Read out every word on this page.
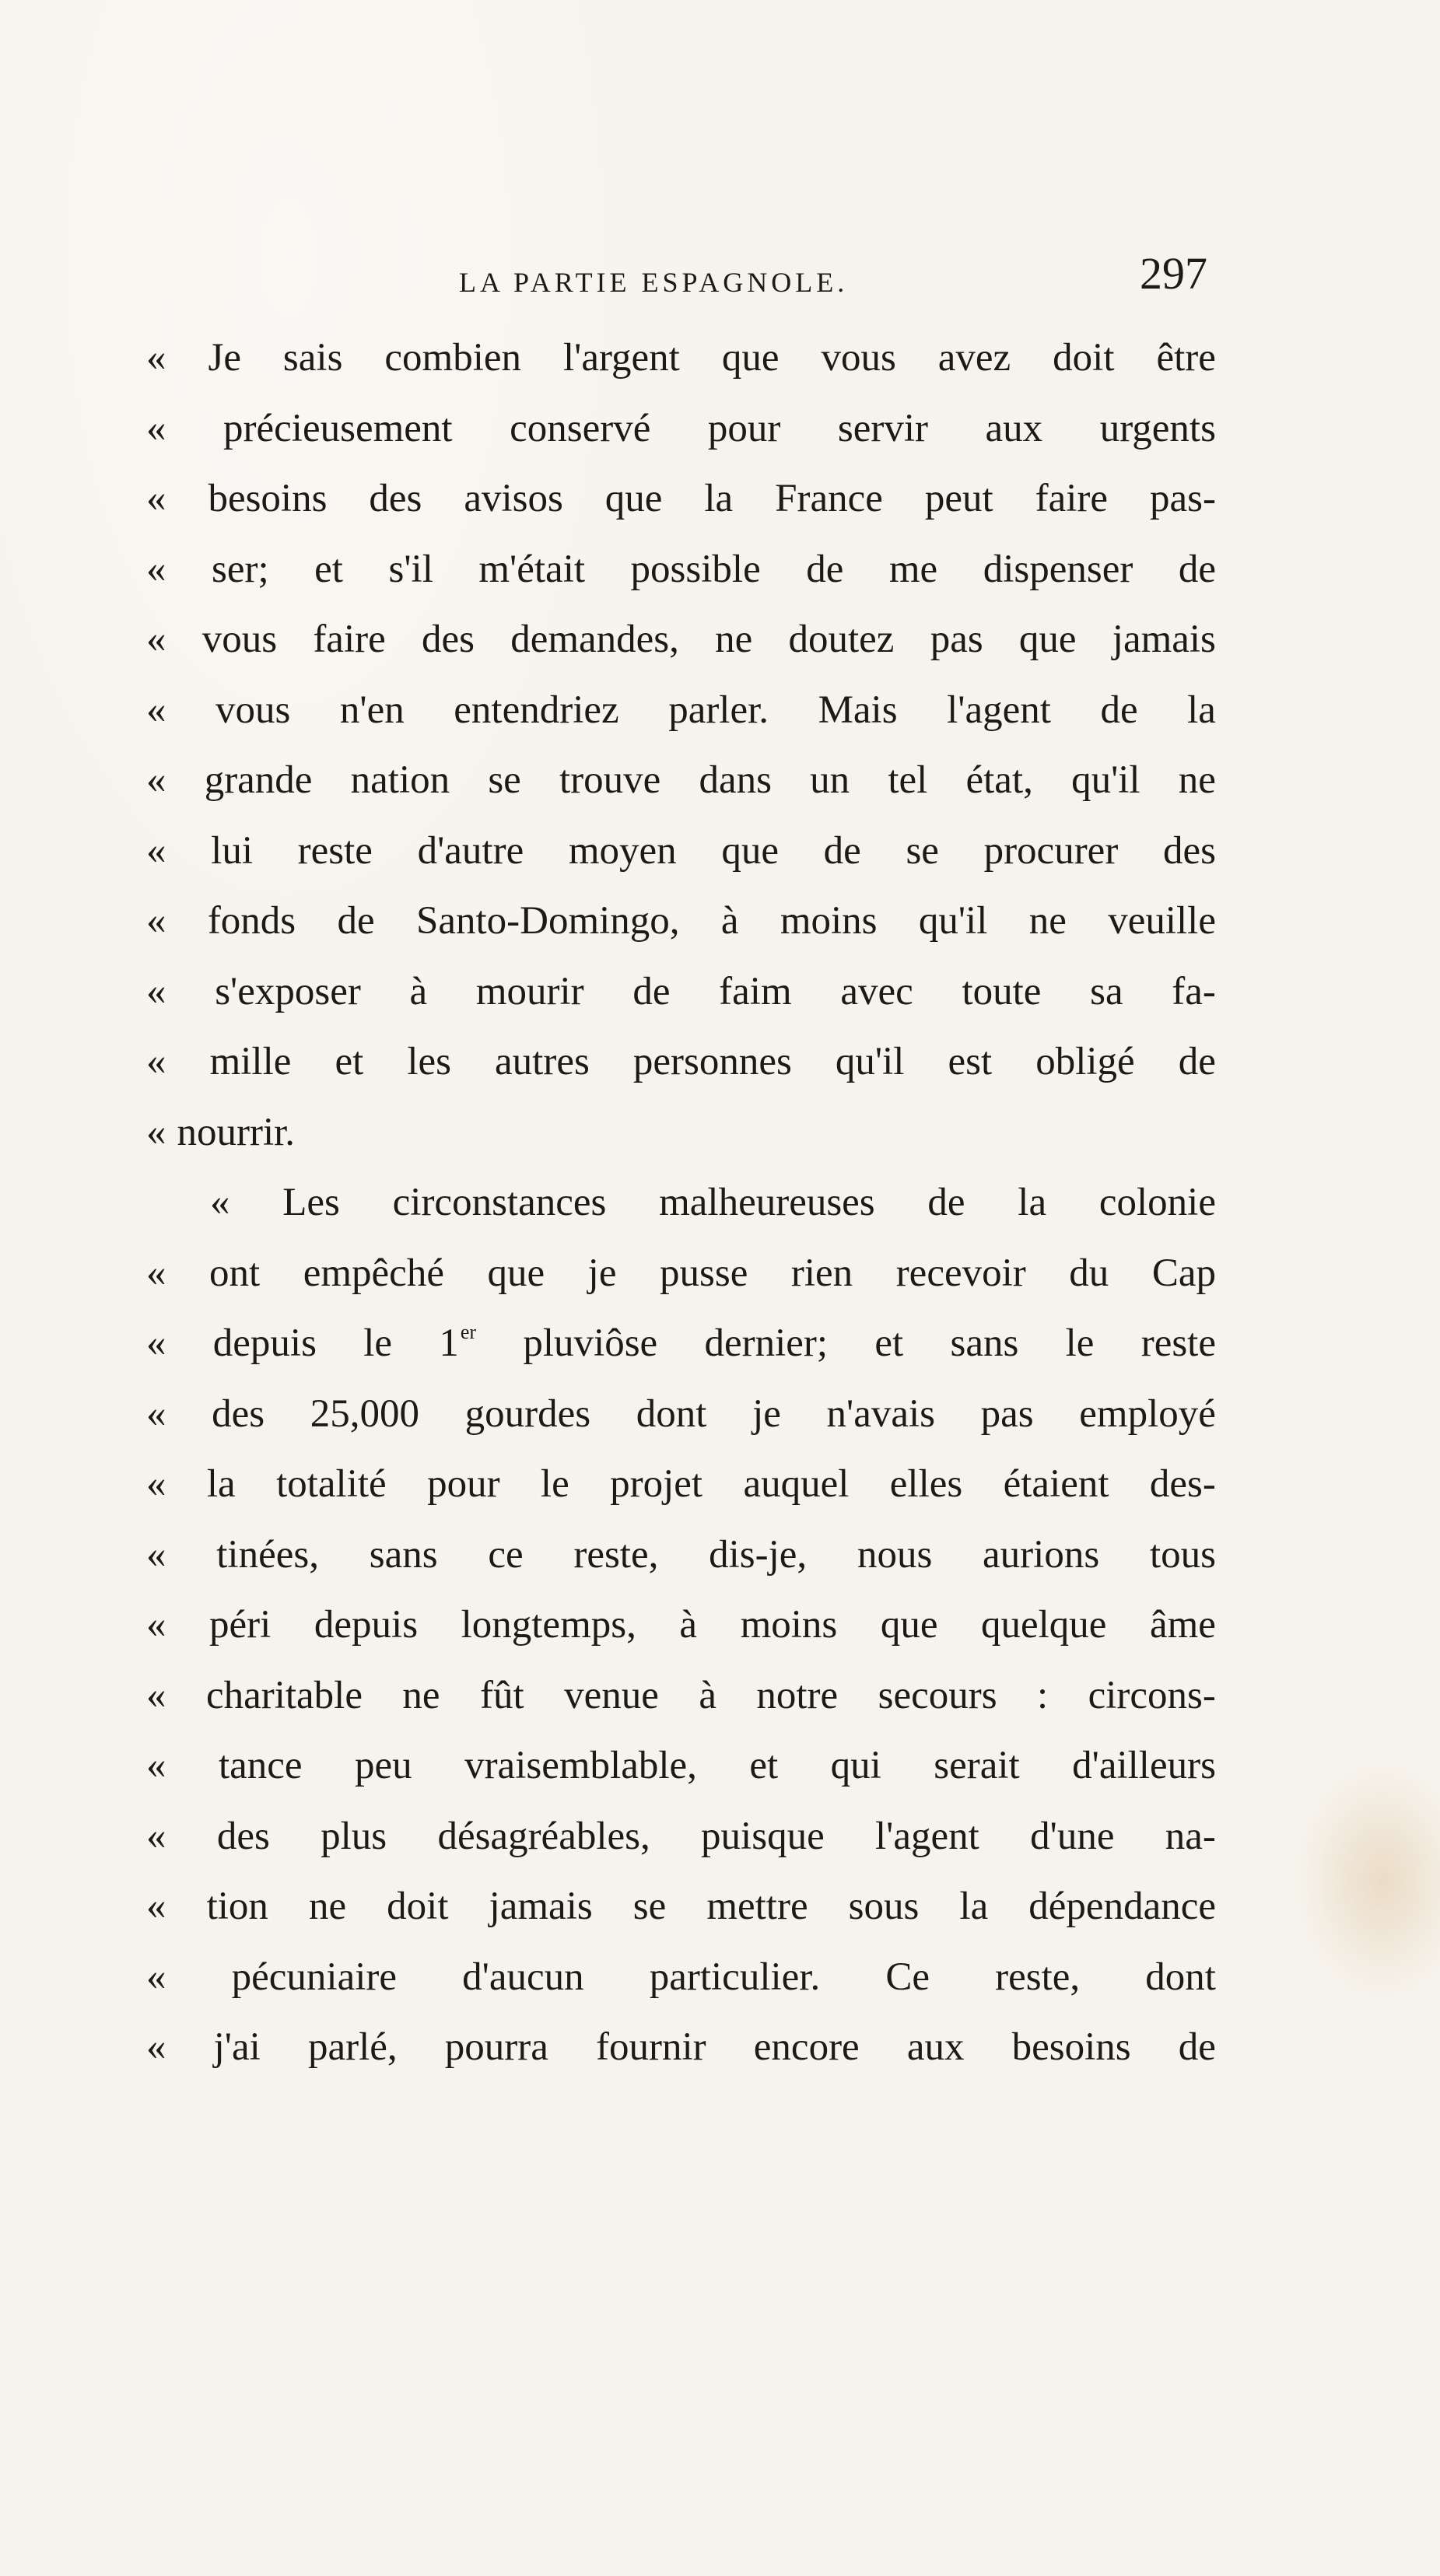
LA PARTIE ESPAGNOLE.	297
« Je sais combien l'argent que vous avez doit être
« précieusement conservé pour servir aux urgents
« besoins des avisos que la France peut faire pas-
« ser; et s'il m'était possible de me dispenser de
« vous faire des demandes, ne doutez pas que jamais
« vous n'en entendriez parler. Mais l'agent de la
« grande nation se trouve dans un tel état, qu'il ne
« lui reste d'autre moyen que de se procurer des
« fonds de Santo-Domingo, à moins qu'il ne veuille
« s'exposer à mourir de faim avec toute sa fa-
« mille et les autres personnes qu'il est obligé de
« nourrir.
« Les circonstances malheureuses de la colonie
« ont empêché que je pusse rien recevoir du Cap
« depuis le 1er pluviôse dernier; et sans le reste
« des 25,000 gourdes dont je n'avais pas employé
« la totalité pour le projet auquel elles étaient des-
« tinées, sans ce reste, dis-je, nous aurions tous
« péri depuis longtemps, à moins que quelque âme
« charitable ne fût venue à notre secours : circons-
« tance peu vraisemblable, et qui serait d'ailleurs
« des plus désagréables, puisque l'agent d'une na-
« tion ne doit jamais se mettre sous la dépendance
« pécuniaire d'aucun particulier. Ce reste, dont
« j'ai parlé, pourra fournir encore aux besoins de
